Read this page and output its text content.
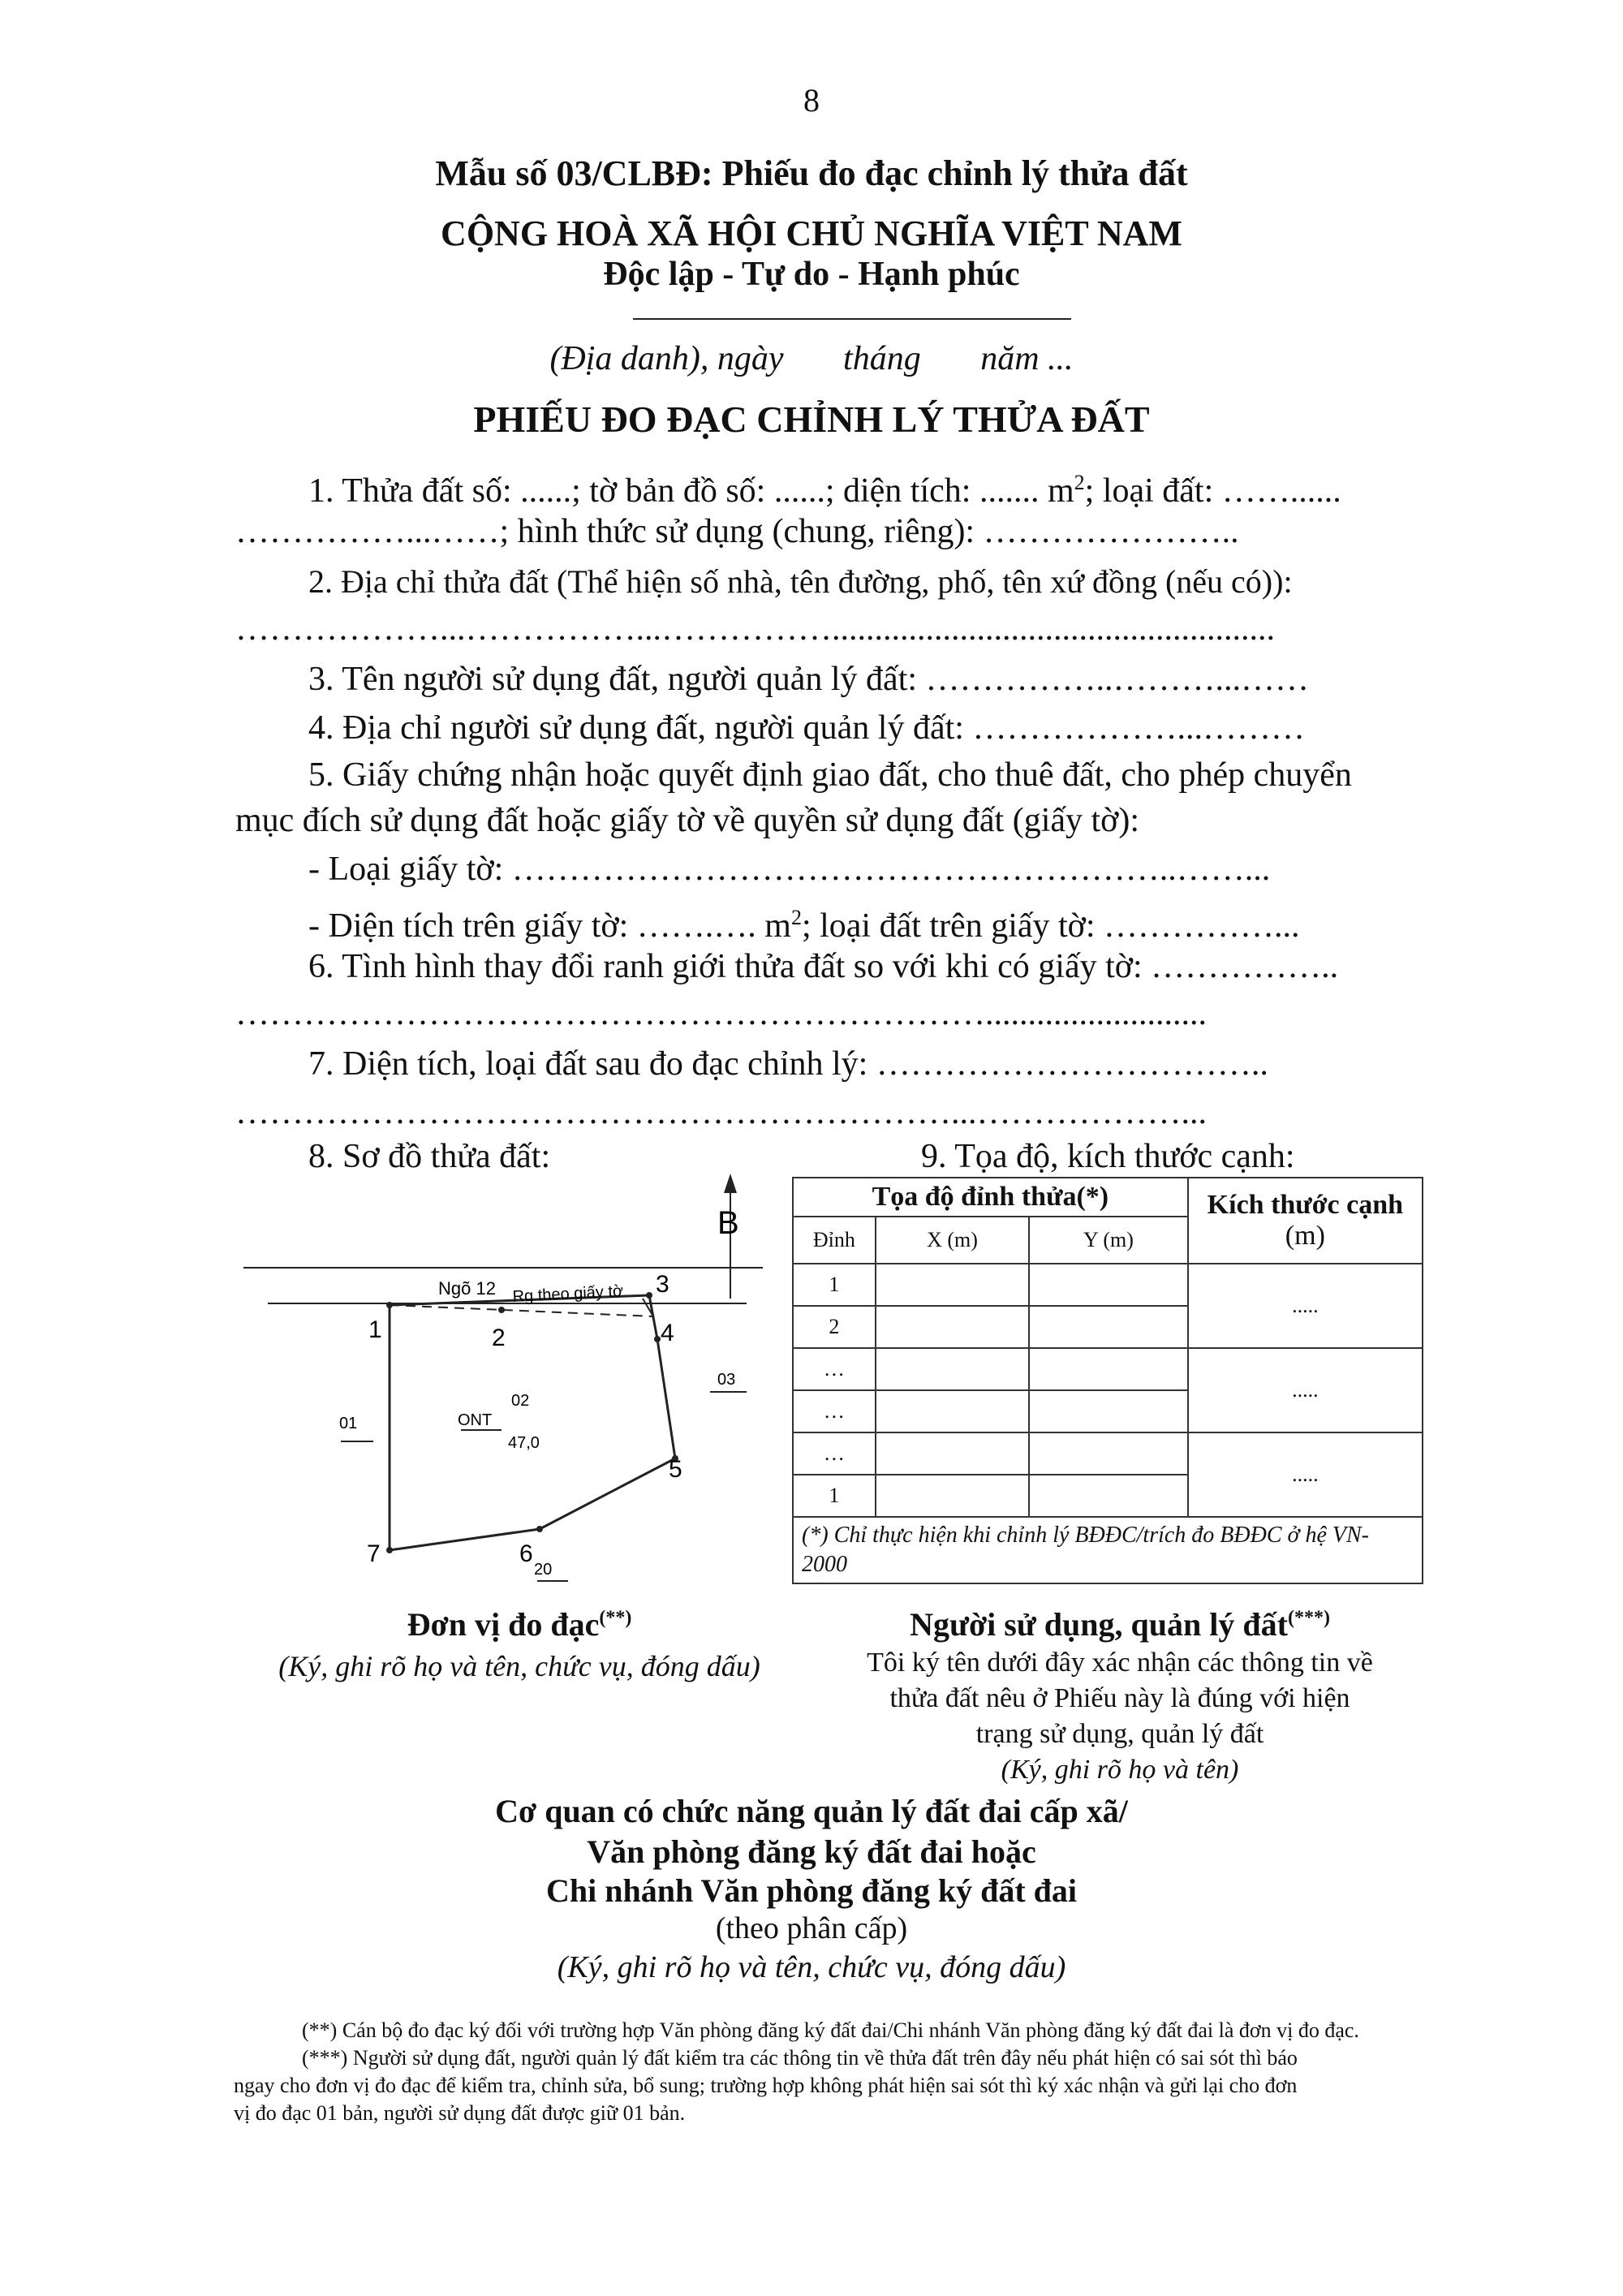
8
Mẫu số 03/CLBĐ: Phiếu đo đạc chỉnh lý thửa đất
CỘNG HOÀ XÃ HỘI CHỦ NGHĨA VIỆT NAM
Độc lập - Tự do - Hạnh phúc
(Địa danh), ngày       tháng       năm ...
PHIẾU ĐO ĐẠC CHỈNH LÝ THỬA ĐẤT
1. Thửa đất số: ......; tờ bản đồ số: ......; diện tích: ....... $m^2$; loại đất: ……......
……………...……; hình thức sử dụng (chung, riêng): …………………..
2. Địa chỉ thửa đất (Thể hiện số nhà, tên đường, phố, tên xứ đồng (nếu có)):
………………...……………...……………....................................................
3. Tên người sử dụng đất, người quản lý đất: ……………..………...……
4. Địa chỉ người sử dụng đất, người quản lý đất: ………………...………
5. Giấy chứng nhận hoặc quyết định giao đất, cho thuê đất, cho phép chuyển
mục đích sử dụng đất hoặc giấy tờ về quyền sử dụng đất (giấy tờ):
- Loại giấy tờ: …………………………………………………..……...
- Diện tích trên giấy tờ: …….…. $m^2$; loại đất trên giấy tờ: ……………...
6. Tình hình thay đổi ranh giới thửa đất so với khi có giấy tờ: ……………..
…………………………………………………………..........................
7. Diện tích, loại đất sau đo đạc chỉnh lý: ……………………………..
………………………………………………………...………………...
8. Sơ đồ thửa đất:	9. Tọa độ, kích thước cạnh:
B
Ngõ 12 Rg theo giấy tờ
1	2
3
4
5
6
7
02
ONT
47,0
01
03
20
Tọa độ đỉnh thửa(*)			Kích thước cạnh
(m)
Đỉnh	X (m)	Y (m)	
1			.....
2			
…			.....
…			
…			.....
1			
(*) Chỉ thực hiện khi chỉnh lý BĐĐC/trích đo BĐĐC ở hệ VN-2000			
Đơn vị đo đạc(**)
(Ký, ghi rõ họ và tên, chức vụ, đóng dấu)
Người sử dụng, quản lý đất(***)
Tôi ký tên dưới đây xác nhận các thông tin về
thửa đất nêu ở Phiếu này là đúng với hiện
trạng sử dụng, quản lý đất
(Ký, ghi rõ họ và tên)
Cơ quan có chức năng quản lý đất đai cấp xã/
Văn phòng đăng ký đất đai hoặc
Chi nhánh Văn phòng đăng ký đất đai
(theo phân cấp)
(Ký, ghi rõ họ và tên, chức vụ, đóng dấu)
(**) Cán bộ đo đạc ký đối với trường hợp Văn phòng đăng ký đất đai/Chi nhánh Văn phòng đăng ký đất đai là đơn vị đo đạc.
(***) Người sử dụng đất, người quản lý đất kiểm tra các thông tin về thửa đất trên đây nếu phát hiện có sai sót thì báo
ngay cho đơn vị đo đạc để kiểm tra, chỉnh sửa, bổ sung; trường hợp không phát hiện sai sót thì ký xác nhận và gửi lại cho đơn
vị đo đạc 01 bản, người sử dụng đất được giữ 01 bản.
